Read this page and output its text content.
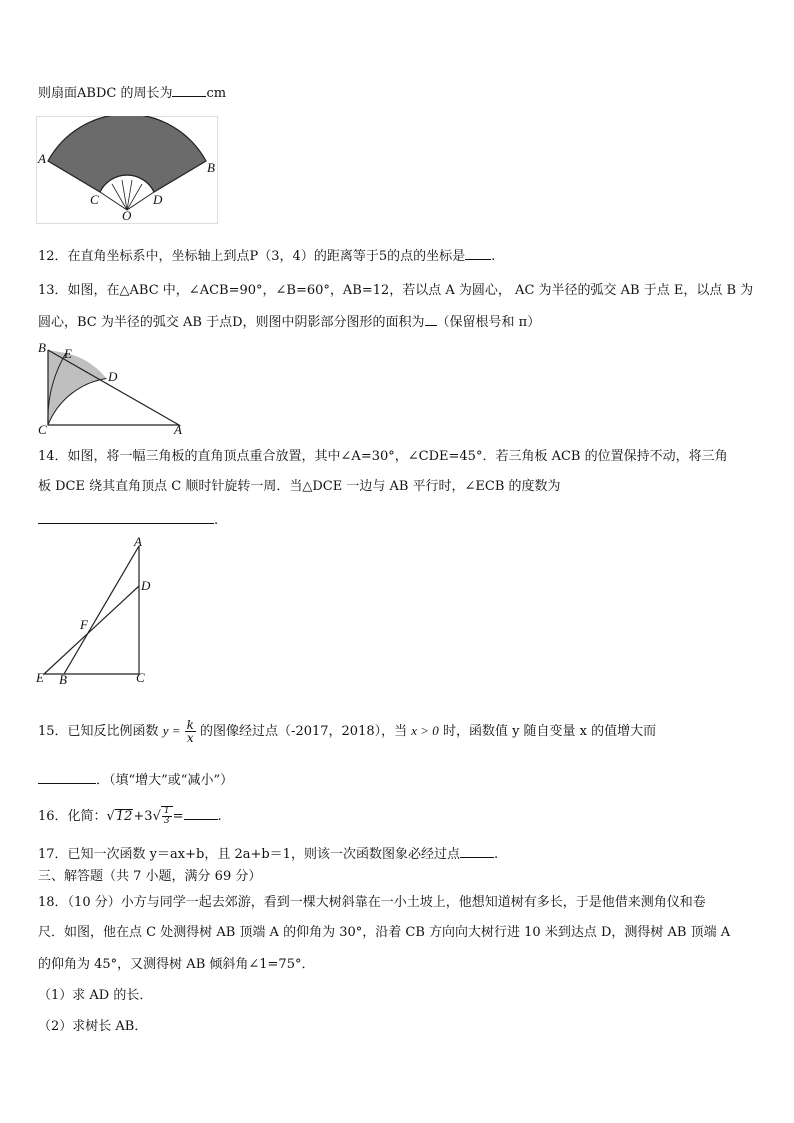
则扇面ABDC 的周长为	cm
A
B
C	D
O
12．在直角坐标系中，坐标轴上到点P（3，4）的距离等于5的点的坐标是 .
13．如图，在△ABC 中，∠ACB=90°，∠B=60°，AB=12，若以点 A 为圆心， AC 为半径的弧交 AB 于点 E，以点 B 为
圆心，BC 为半径的弧交 AB 于点D，则图中阴影部分图形的面积为 （保留根号和 π）
B E
D
C	A
14．如图，将一幅三角板的直角顶点重合放置，其中∠A=30°，∠CDE=45°．若三角板 ACB 的位置保持不动，将三角
板 DCE 绕其直角顶点 C 顺时针旋转一周．当△DCE 一边与 AB 平行时，∠ECB 的度数为
.
A
D
F
E B	C
15．已知反比例函数 $y = \frac{k}{x}$ 的图像经过点（-2017，2018），当 x > 0 时，函数值 y 随自变量 x 的值增大而
．（填“增大”或“减小”）
16．化简：$√12+3√ \frac{1}{3}$ =	.
17．已知一次函数 y＝ax+b，且 2a+b＝1，则该一次函数图象必经过点	.
三、解答题（共 7 小题，满分 69 分）
18．（10 分）小方与同学一起去郊游，看到一棵大树斜靠在一小土坡上，他想知道树有多长，于是他借来测角仪和卷
尺．如图，他在点 C 处测得树 AB 顶端 A 的仰角为 30°，沿着 CB 方向向大树行进 10 米到达点 D，测得树 AB 顶端 A
的仰角为 45°，又测得树 AB 倾斜角∠1=75°．
（1）求 AD 的长．
（2）求树长 AB．
